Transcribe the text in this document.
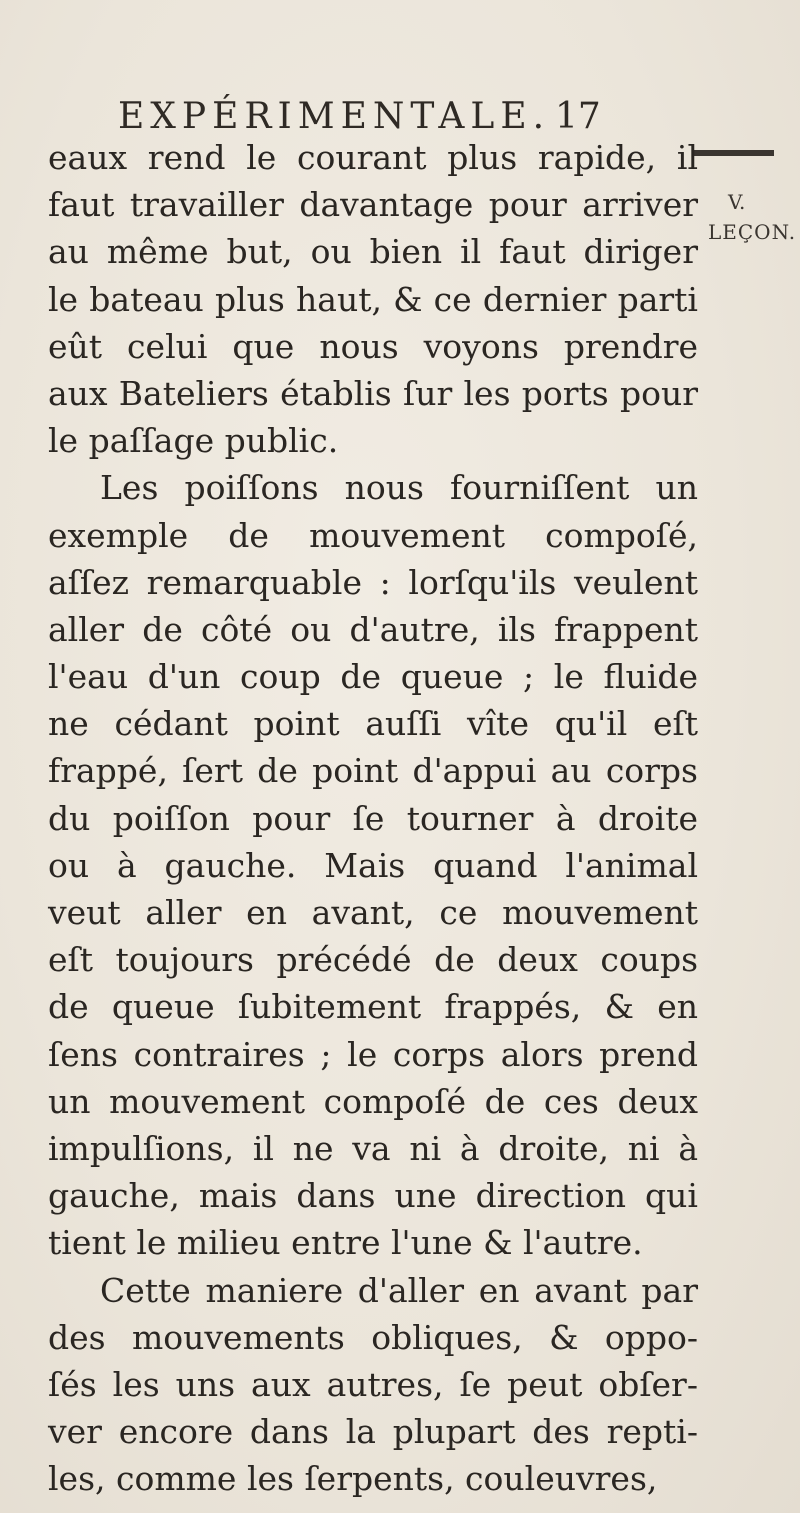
EXPÉRIMENTALE. 17
V.
LEÇON.
eaux rend le courant plus rapide, il
faut travailler davantage pour arriver
au même but, ou bien il faut diriger
le bateau plus haut, & ce dernier parti
eût celui que nous voyons prendre
aux Bateliers établis ſur les ports pour
le paſſage public.
Les poiſſons nous fourniſſent un
exemple de mouvement compoſé,
aſſez remarquable : lorſqu'ils veulent
aller de côté ou d'autre, ils frappent
l'eau d'un coup de queue ; le fluide
ne cédant point auſſi vîte qu'il eſt
frappé, ſert de point d'appui au corps
du poiſſon pour ſe tourner à droite
ou à gauche. Mais quand l'animal
veut aller en avant, ce mouvement
eſt toujours précédé de deux coups
de queue ſubitement frappés, & en
ſens contraires ; le corps alors prend
un mouvement compoſé de ces deux
impulſions, il ne va ni à droite, ni à
gauche, mais dans une direction qui
tient le milieu entre l'une & l'autre.
Cette maniere d'aller en avant par
des mouvements obliques, & oppo-
ſés les uns aux autres, ſe peut obſer-
ver encore dans la plupart des repti-
les, comme les ſerpents, couleuvres,
